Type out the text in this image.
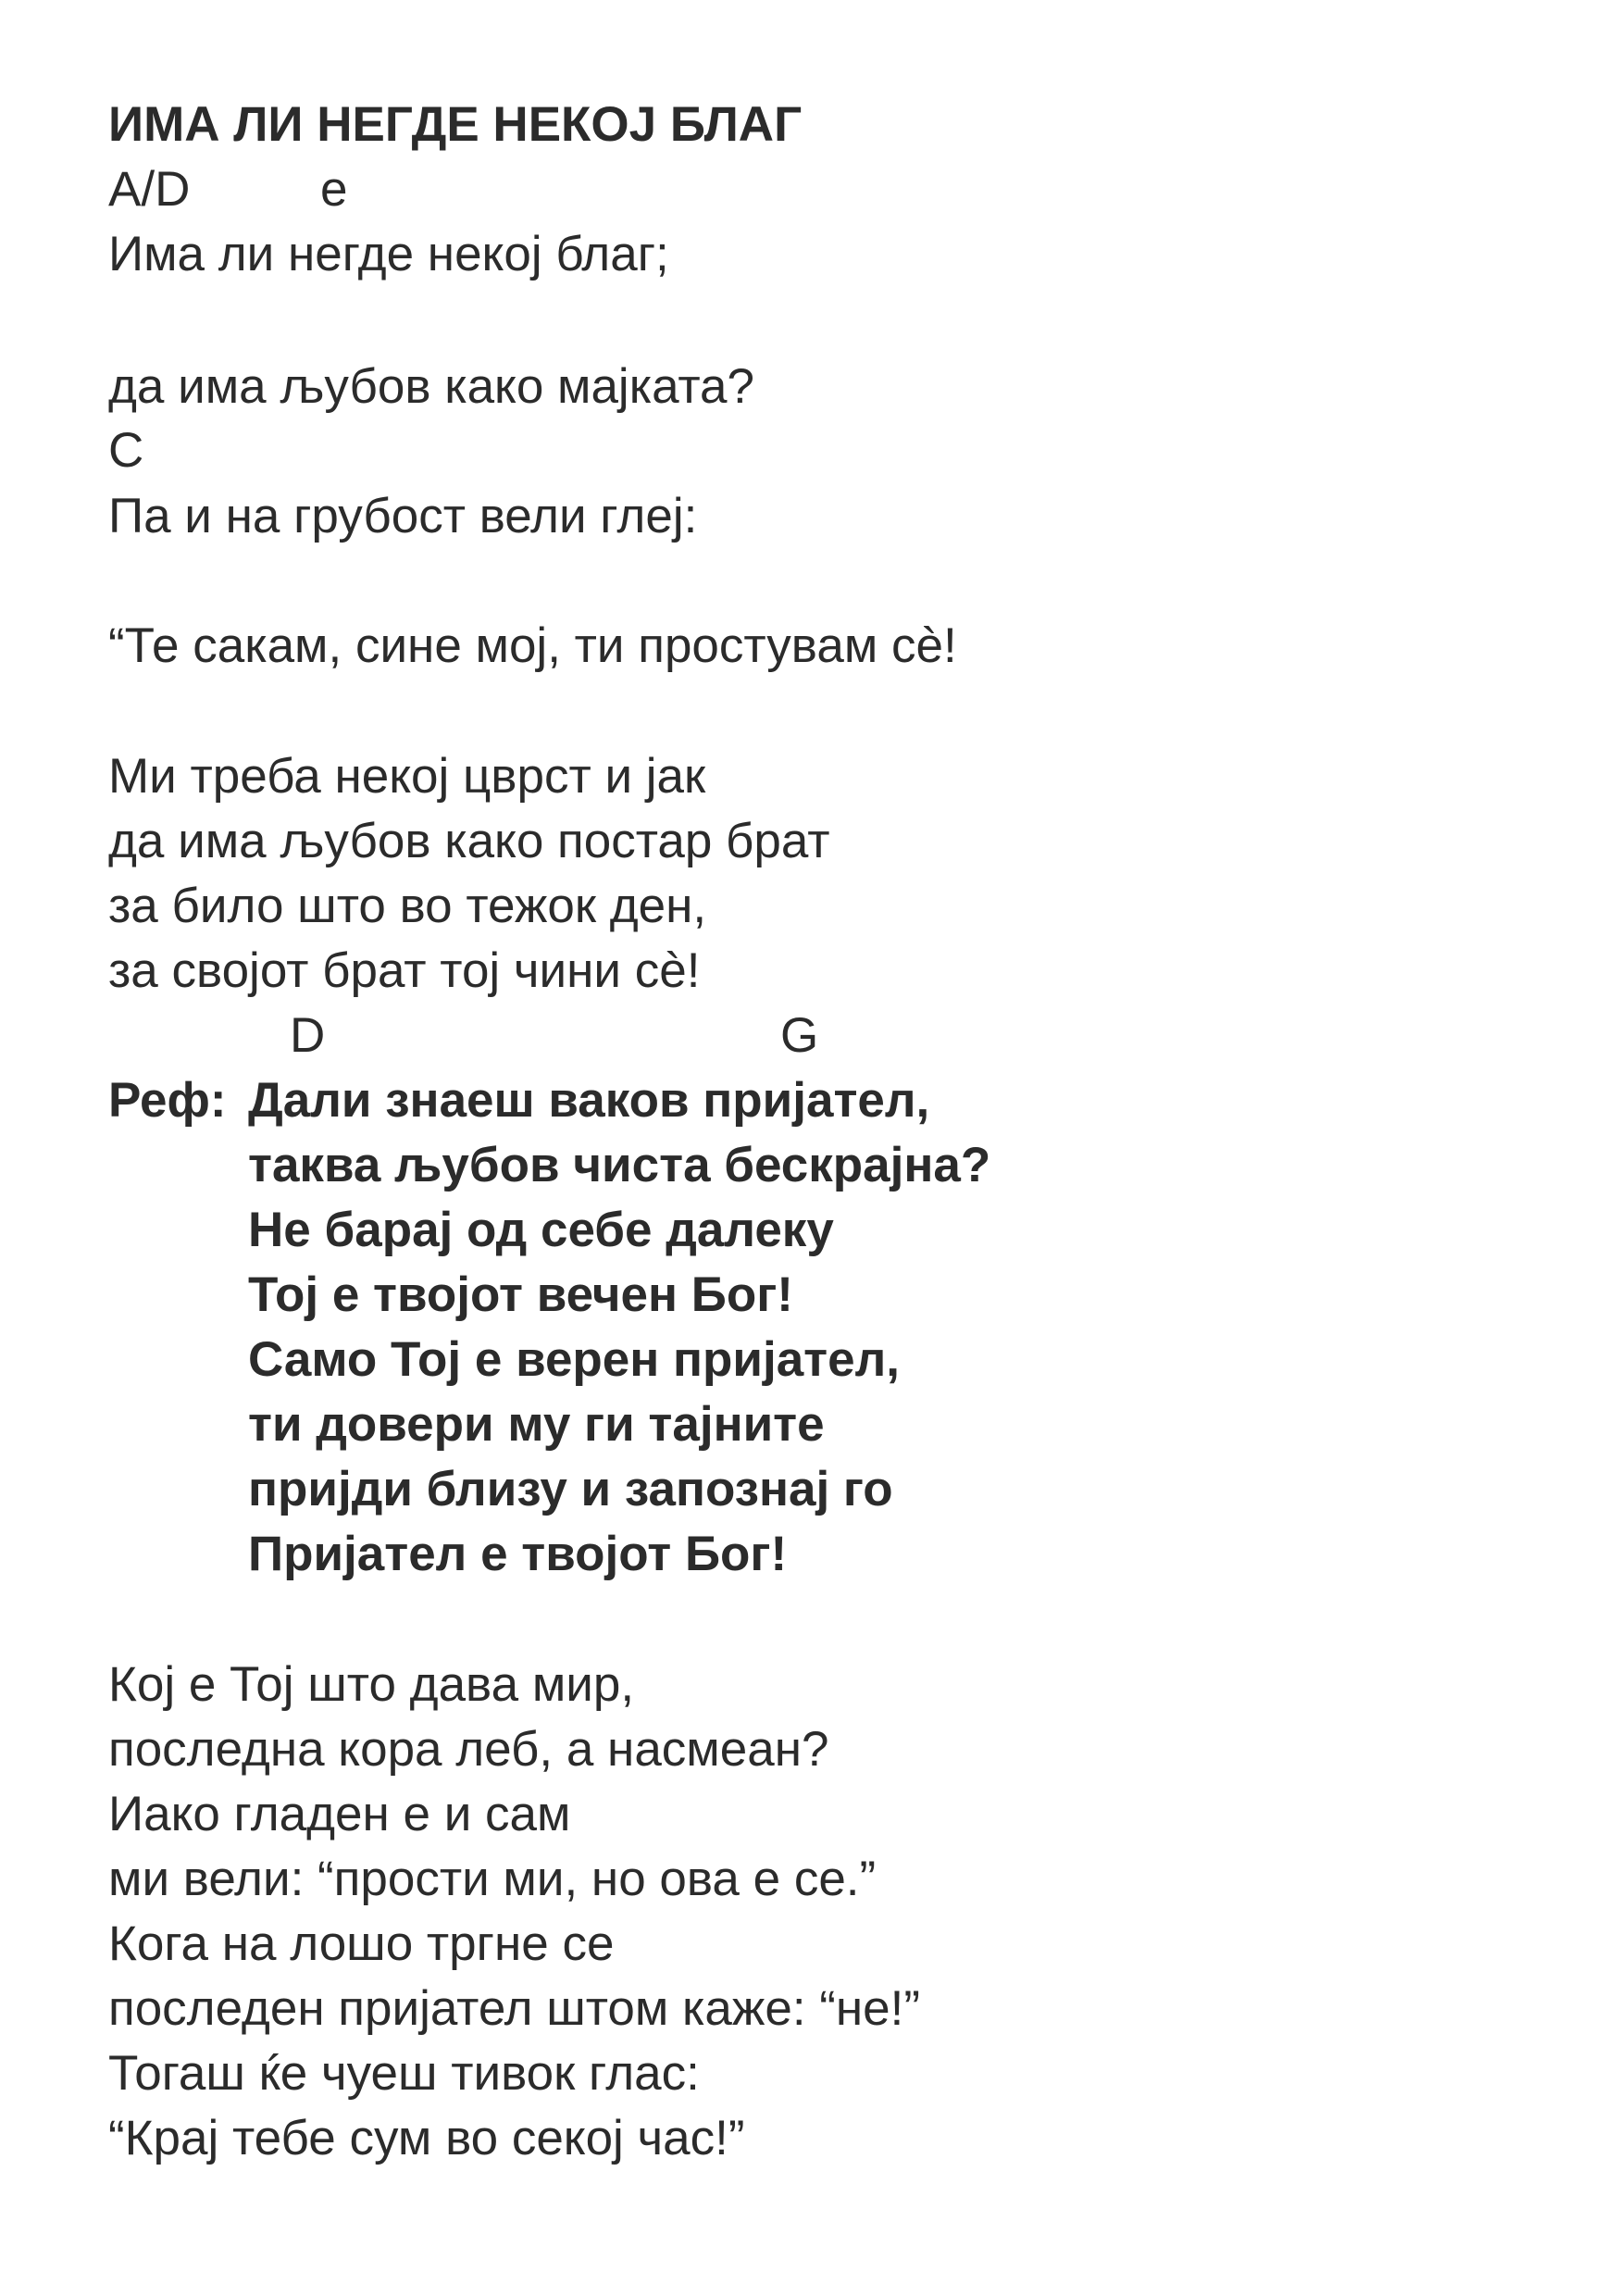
ИМА ЛИ НЕГДЕ НЕКОЈ БЛАГ
A/D	e
Има ли негде некој благ;
да има љубов како мајката?
C
Па и на грубост вели глеј:
“Те сакам, сине мој, ти простувам сè!
Ми треба некој цврст и јак
да има љубов како постар брат
за било што во тежок ден,
за својот брат тој чини сè!
D	G
Реф: Дали знаеш ваков пријател,
таква љубов чиста бескрајна?
Не барај од себе далеку
Тој е твојот вечен Бог!
Само Тој е верен пријател,
ти довери му ги тајните
пријди близу и запознај го
Пријател е твојот Бог!
Кој е Тој што дава мир,
последна кора леб, а насмеан?
Иако гладен е и сам
ми вели: “прости ми, но ова е се.”
Кога на лошо тргне се
последен пријател штом каже: “не!”
Тогаш ќе чуеш тивок глас:
“Крај тебе сум во секој час!”
